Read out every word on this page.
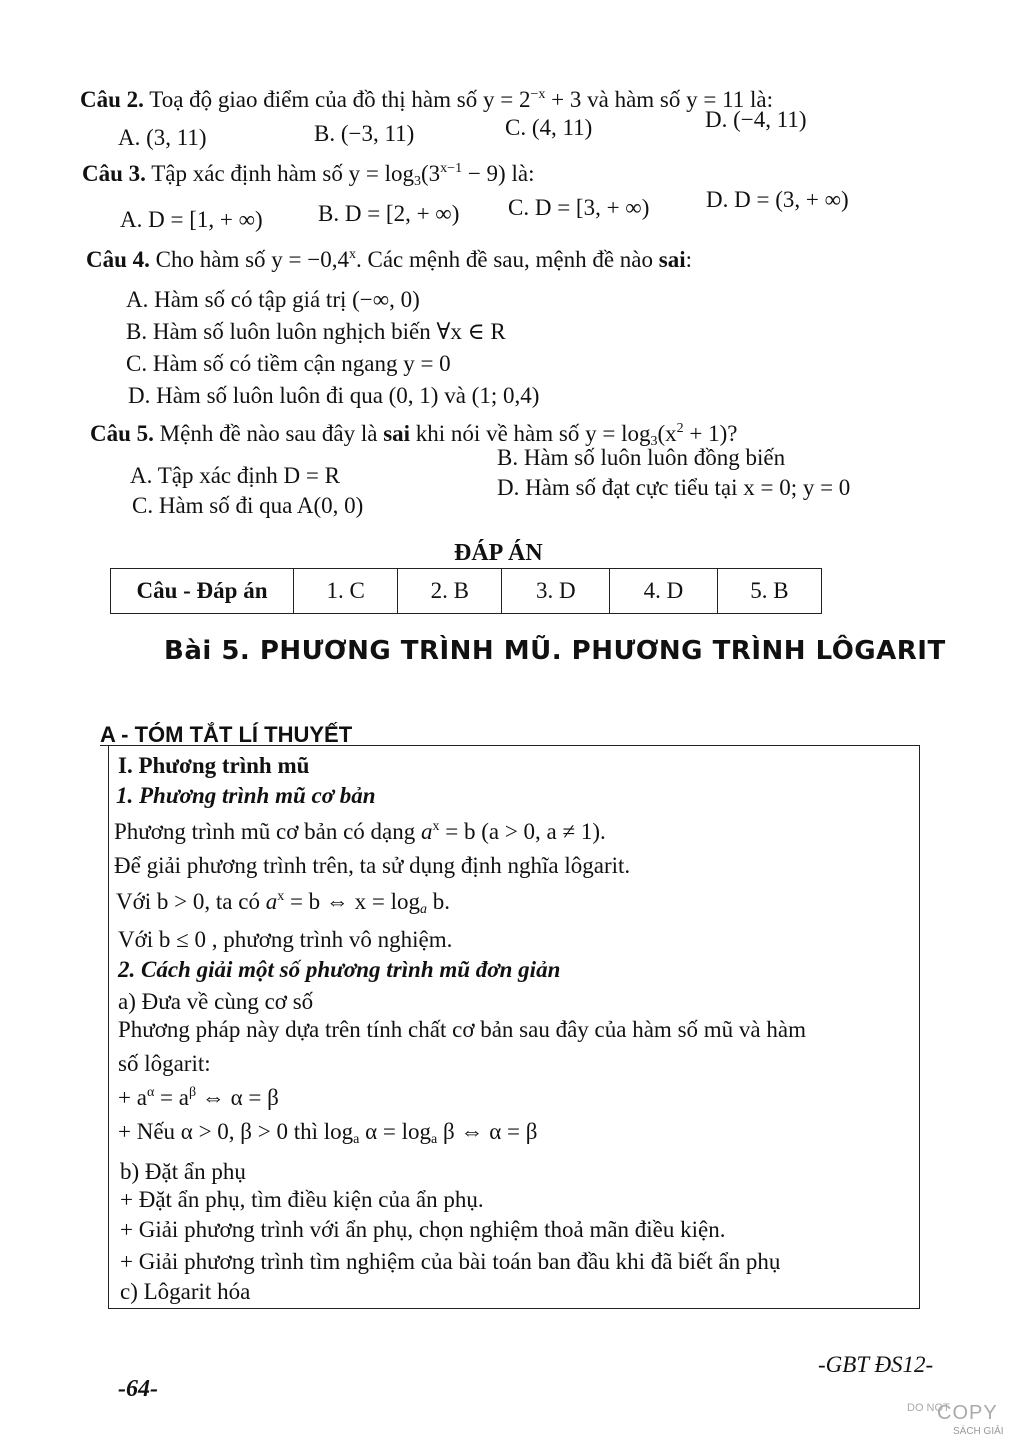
Câu 2. Toạ độ giao điểm của đồ thị hàm số $y = 2^{-x} + 3$ và hàm số y = 11 là:
A. (3, 11)	B. (−3, 11)	C. (4, 11)	D. (−4, 11)
Câu 3. Tập xác định hàm số $y = \log_3(3^{x-1} - 9)$ là:
A. D = [1, + ∞) B. D = [2, + ∞) C. D = [3, + ∞) D. D = (3, + ∞)
Câu 4. Cho hàm số $y = -0,4^x$. Các mệnh đề sau, mệnh đề nào sai:
A. Hàm số có tập giá trị (−∞, 0)
B. Hàm số luôn luôn nghịch biến ∀x ∈ R
C. Hàm số có tiềm cận ngang y = 0
D. Hàm số luôn luôn đi qua (0, 1) và (1; 0,4)
Câu 5. Mệnh đề nào sau đây là sai khi nói về hàm số $y = \log_3(x^2 + 1)$?
A. Tập xác định D = R
B. Hàm số luôn luôn đồng biến
C. Hàm số đi qua A(0, 0)
D. Hàm số đạt cực tiểu tại x = 0; y = 0
ĐÁP ÁN
Câu - Đáp án	1. C	2. B	3. D	4. D	5. B
Bài 5. PHƯƠNG TRÌNH MŨ. PHƯƠNG TRÌNH LÔGARIT
A - TÓM TẮT LÍ THUYẾT
I. Phương trình mũ
1. Phương trình mũ cơ bản
Phương trình mũ cơ bản có dạng $a^x = b$ (a > 0, a ≠ 1).
Để giải phương trình trên, ta sử dụng định nghĩa lôgarit.
Với b > 0, ta có $a^x = b$ ⇔ $x = \log_a b$.
Với b ≤ 0 , phương trình vô nghiệm.
2. Cách giải một số phương trình mũ đơn giản
a) Đưa về cùng cơ số
Phương pháp này dựa trên tính chất cơ bản sau đây của hàm số mũ và hàm
số lôgarit:
+ $a^\alpha = a^\beta$ ⇔ α = β
+ Nếu α > 0, β > 0 thì $\log_a \alpha = \log_a \beta$ ⇔ α = β
b) Đặt ẩn phụ
+ Đặt ẩn phụ, tìm điều kiện của ẩn phụ.
+ Giải phương trình với ẩn phụ, chọn nghiệm thoả mãn điều kiện.
+ Giải phương trình tìm nghiệm của bài toán ban đầu khi đã biết ẩn phụ
c) Lôgarit hóa
-64-
-GBT ĐS12-
DO NOT
COPY
SÁCH GIẢI
